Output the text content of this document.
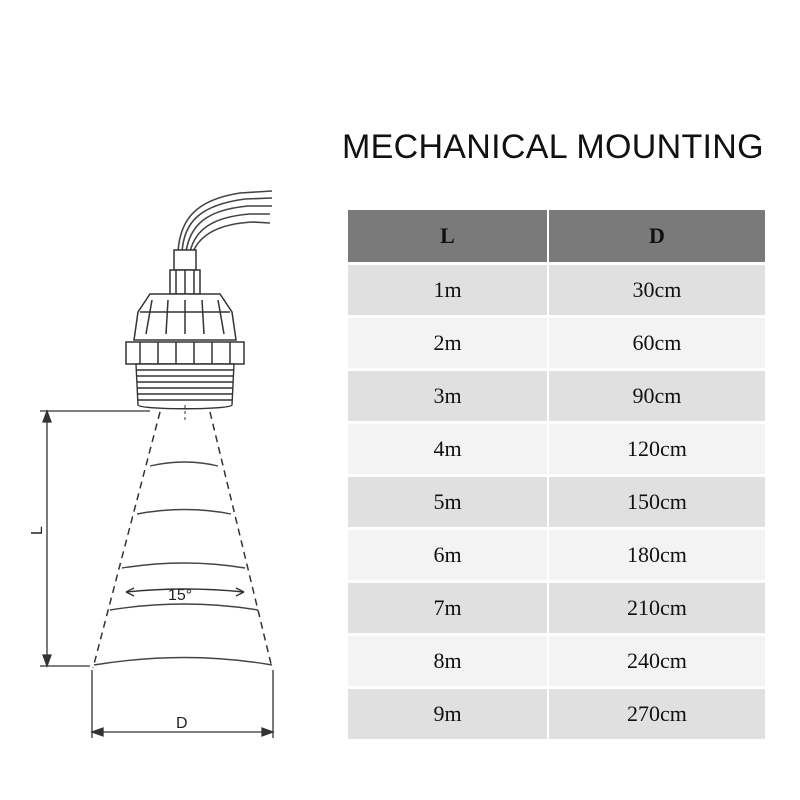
MECHANICAL MOUNTING
15°
L
D
L	D
1m	30cm
2m	60cm
3m	90cm
4m	120cm
5m	150cm
6m	180cm
7m	210cm
8m	240cm
9m	270cm
